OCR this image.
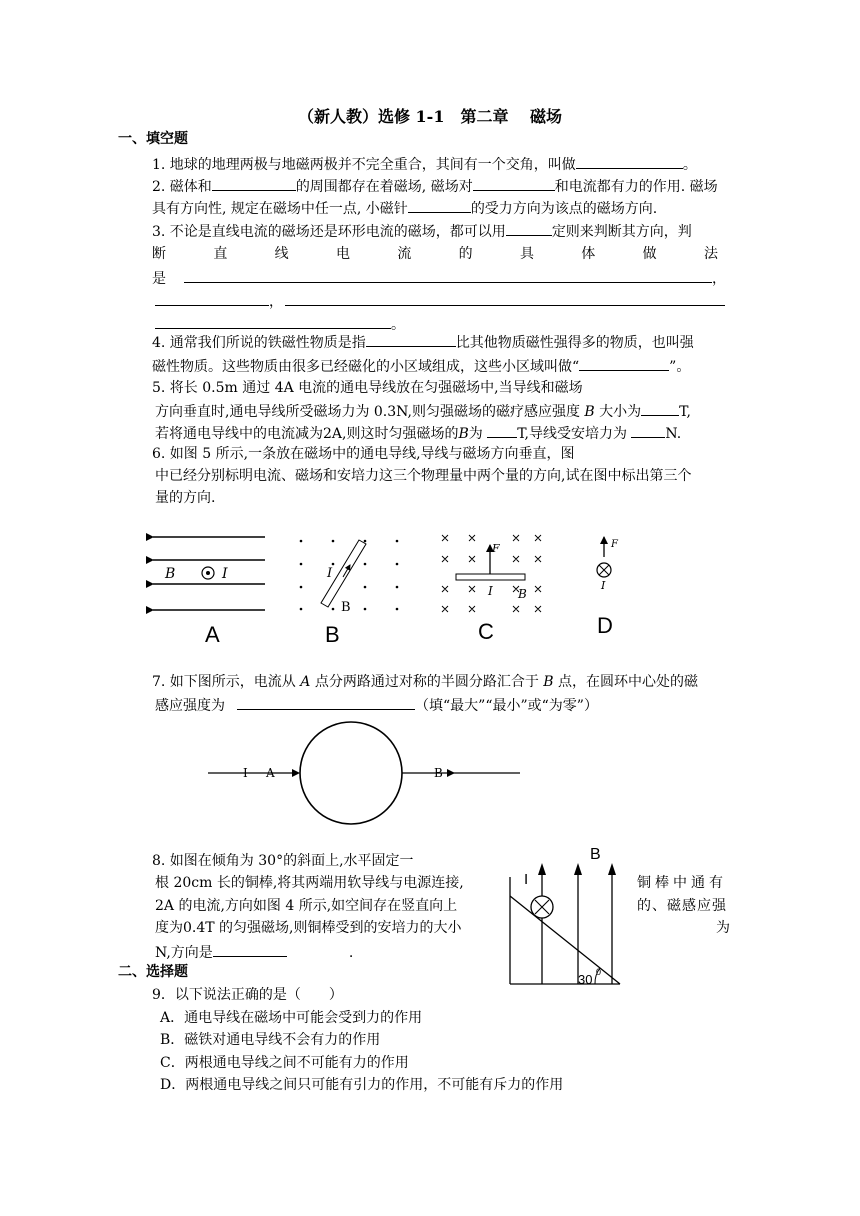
（新人教）选修 1-1　第二章　 磁场
一、填空题
1. 地球的地理两极与地磁两极并不完全重合，其间有一个交角，叫做	。
2. 磁体和	的周围都存在着磁场, 磁场对	和电流都有力的作用. 磁场
具有方向性, 规定在磁场中任一点, 小磁针	的受力方向为该点的磁场方向.
3. 不论是直线电流的磁场还是环形电流的磁场，都可以用	定则来判断其方向，判
断	直	线	电	流	的	具	体	做	法
是	，
，
。
4. 通常我们所说的铁磁性物质是指	比其他物质磁性强得多的物质，也叫强
磁性物质。这些物质由很多已经磁化的小区域组成，这些小区域叫做“	”。
5. 将长 0.5m 通过 4A 电流的通电导线放在匀强磁场中,当导线和磁场
方向垂直时,通电导线所受磁场力为 0.3N,则匀强磁场的磁疗感应强度 B 大小为	T,
若将通电导线中的电流减为2A,则这时匀强磁场的B为 T,导线受安培力为	N.
6. 如图 5 所示,一条放在磁场中的通电导线,导线与磁场方向垂直，图
中已经分别标明电流、磁场和安培力这三个物理量中两个量的方向,试在图中标出第三个
量的方向.
B	I
A
I
B
B
F
I B
C
F
I
D
7. 如下图所示，电流从 A 点分两路通过对称的半圆分路汇合于 B 点，在圆环中心处的磁
感应强度为	（填“最大”“最小”或“为零”）
I A	B
8. 如图在倾角为 30°的斜面上,水平固定一
根 20cm 长的铜棒,将其两端用软导线与电源连接,	铜棒中通有
2A 的电流,方向如图 4 所示,如空间存在竖直向上	的、磁感应强
度为0.4T 的匀强磁场,则铜棒受到的安培力的大小	为
N,方向是	.
B
I
30 0
二、选择题
9．以下说法正确的是（　　）
A．通电导线在磁场中可能会受到力的作用
B．磁铁对通电导线不会有力的作用
C．两根通电导线之间不可能有力的作用
D．两根通电导线之间只可能有引力的作用，不可能有斥力的作用
